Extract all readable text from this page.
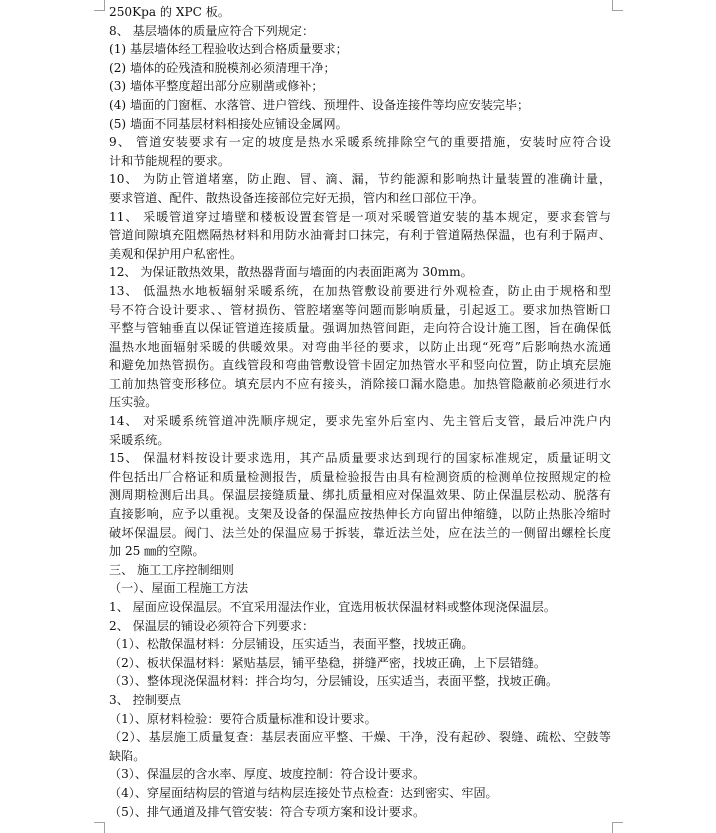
250Kpa 的 XPC 板。
8、 基层墙体的质量应符合下列规定：
(1) 基层墙体经工程验收达到合格质量要求；
(2) 墙体的砼残渣和脱模剂必须清理干净；
(3) 墙体平整度超出部分应剔凿或修补；
(4) 墙面的门窗框、水落管、进户管线、预埋件、设备连接件等均应安装完毕；
(5) 墙面不同基层材料相接处应铺设金属网。
9、 管道安装要求有一定的坡度是热水采暖系统排除空气的重要措施，安装时应符合设
计和节能规程的要求。
10、 为防止管道堵塞，防止跑、冒、滴、漏，节约能源和影响热计量装置的准确计量，
要求管道、配件、散热设备连接部位完好无损，管内和丝口部位干净。
11、 采暖管道穿过墙壁和楼板设置套管是一项对采暖管道安装的基本规定，要求套管与
管道间隙填充阻燃隔热材料和用防水油膏封口抹完，有利于管道隔热保温，也有利于隔声、
美观和保护用户私密性。
12、 为保证散热效果，散热器背面与墙面的内表面距离为 30mm。
13、 低温热水地板辐射采暖系统，在加热管敷设前要进行外观检查，防止由于规格和型
号不符合设计要求、、管材损伤、管腔堵塞等问题而影响质量，引起返工。要求加热管断口
平整与管轴垂直以保证管道连接质量。强调加热管间距，走向符合设计施工图，旨在确保低
温热水地面辐射采暖的供暖效果。对弯曲半径的要求，以防止出现“死弯”后影响热水流通
和避免加热管损伤。直线管段和弯曲管敷设管卡固定加热管水平和竖向位置，防止填充层施
工前加热管变形移位。填充层内不应有接头，消除接口漏水隐患。加热管隐蔽前必须进行水
压实验。
14、 对采暖系统管道冲洗顺序规定，要求先室外后室内、先主管后支管，最后冲洗户内
采暖系统。
15、 保温材料按设计要求选用，其产品质量要求达到现行的国家标准规定，质量证明文
件包括出厂合格证和质量检测报告，质量检验报告由具有检测资质的检测单位按照规定的检
测周期检测后出具。保温层接缝质量、绑扎质量相应对保温效果、防止保温层松动、脱落有
直接影响，应予以重视。支架及设备的保温应按热伸长方向留出伸缩缝，以防止热胀冷缩时
破坏保温层。阀门、法兰处的保温应易于拆装，靠近法兰处，应在法兰的一侧留出螺栓长度
加 25 ㎜的空隙。
三、 施工工序控制细则
（一）、屋面工程施工方法
1、 屋面应设保温层。不宜采用湿法作业，宜选用板状保温材料或整体现浇保温层。
2、 保温层的铺设必须符合下列要求：
（1）、松散保温材料：分层铺设，压实适当，表面平整，找坡正确。
（2）、板状保温材料：紧贴基层，铺平垫稳，拼缝严密，找坡正确，上下层错缝。
（3）、整体现浇保温材料：拌合均匀，分层铺设，压实适当，表面平整，找坡正确。
3、 控制要点
（1）、原材料检验：要符合质量标准和设计要求。
（2）、基层施工质量复查：基层表面应平整、干燥、干净，没有起砂、裂缝、疏松、空鼓等
缺陷。
（3）、保温层的含水率、厚度、坡度控制：符合设计要求。
（4）、穿屋面结构层的管道与结构层连接处节点检查：达到密实、牢固。
（5）、排气通道及排气管安装：符合专项方案和设计要求。
